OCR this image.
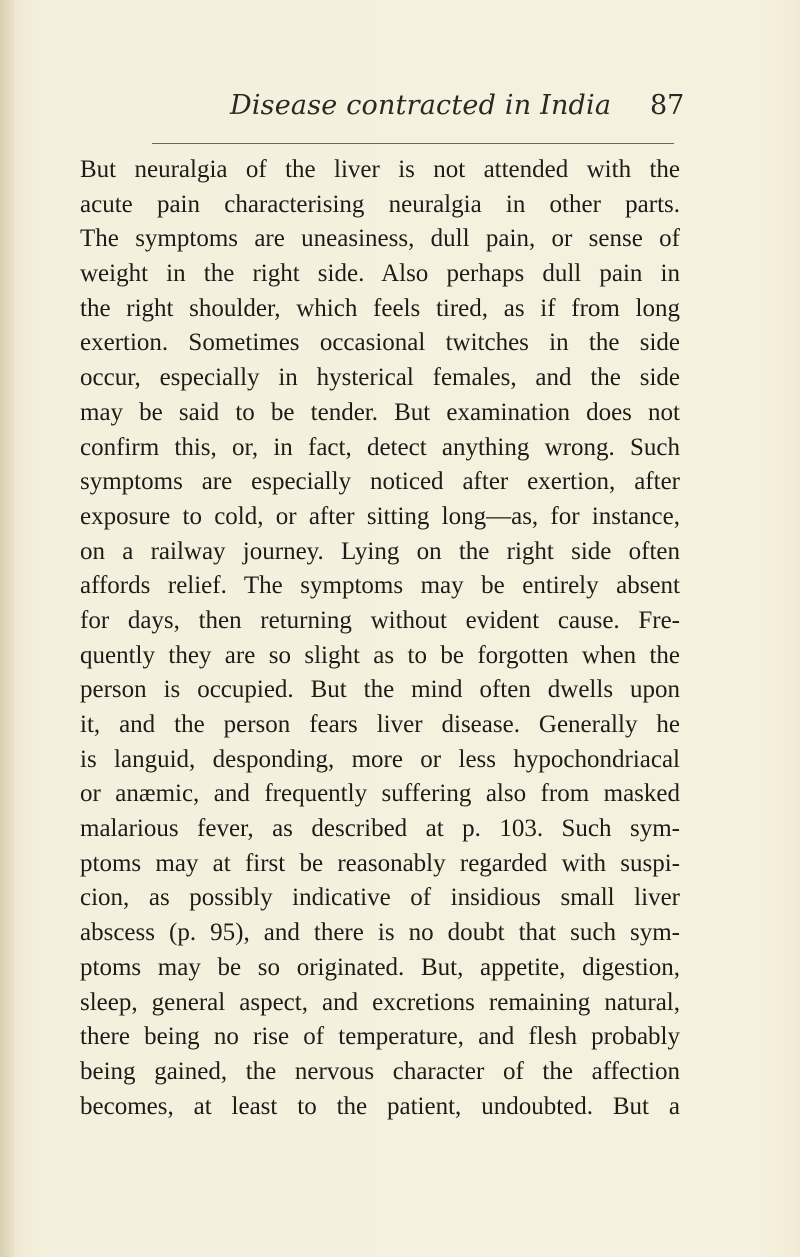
Disease contracted in India 87
But neuralgia of the liver is not attended with the
acute pain characterising neuralgia in other parts.
The symptoms are uneasiness, dull pain, or sense of
weight in the right side. Also perhaps dull pain in
the right shoulder, which feels tired, as if from long
exertion. Sometimes occasional twitches in the side
occur, especially in hysterical females, and the side
may be said to be tender. But examination does not
confirm this, or, in fact, detect anything wrong. Such
symptoms are especially noticed after exertion, after
exposure to cold, or after sitting long—as, for instance,
on a railway journey. Lying on the right side often
affords relief. The symptoms may be entirely absent
for days, then returning without evident cause. Fre-
quently they are so slight as to be forgotten when the
person is occupied. But the mind often dwells upon
it, and the person fears liver disease. Generally he
is languid, desponding, more or less hypochondriacal
or anæmic, and frequently suffering also from masked
malarious fever, as described at p. 103. Such sym-
ptoms may at first be reasonably regarded with suspi-
cion, as possibly indicative of insidious small liver
abscess (p. 95), and there is no doubt that such sym-
ptoms may be so originated. But, appetite, digestion,
sleep, general aspect, and excretions remaining natural,
there being no rise of temperature, and flesh probably
being gained, the nervous character of the affection
becomes, at least to the patient, undoubted. But a
